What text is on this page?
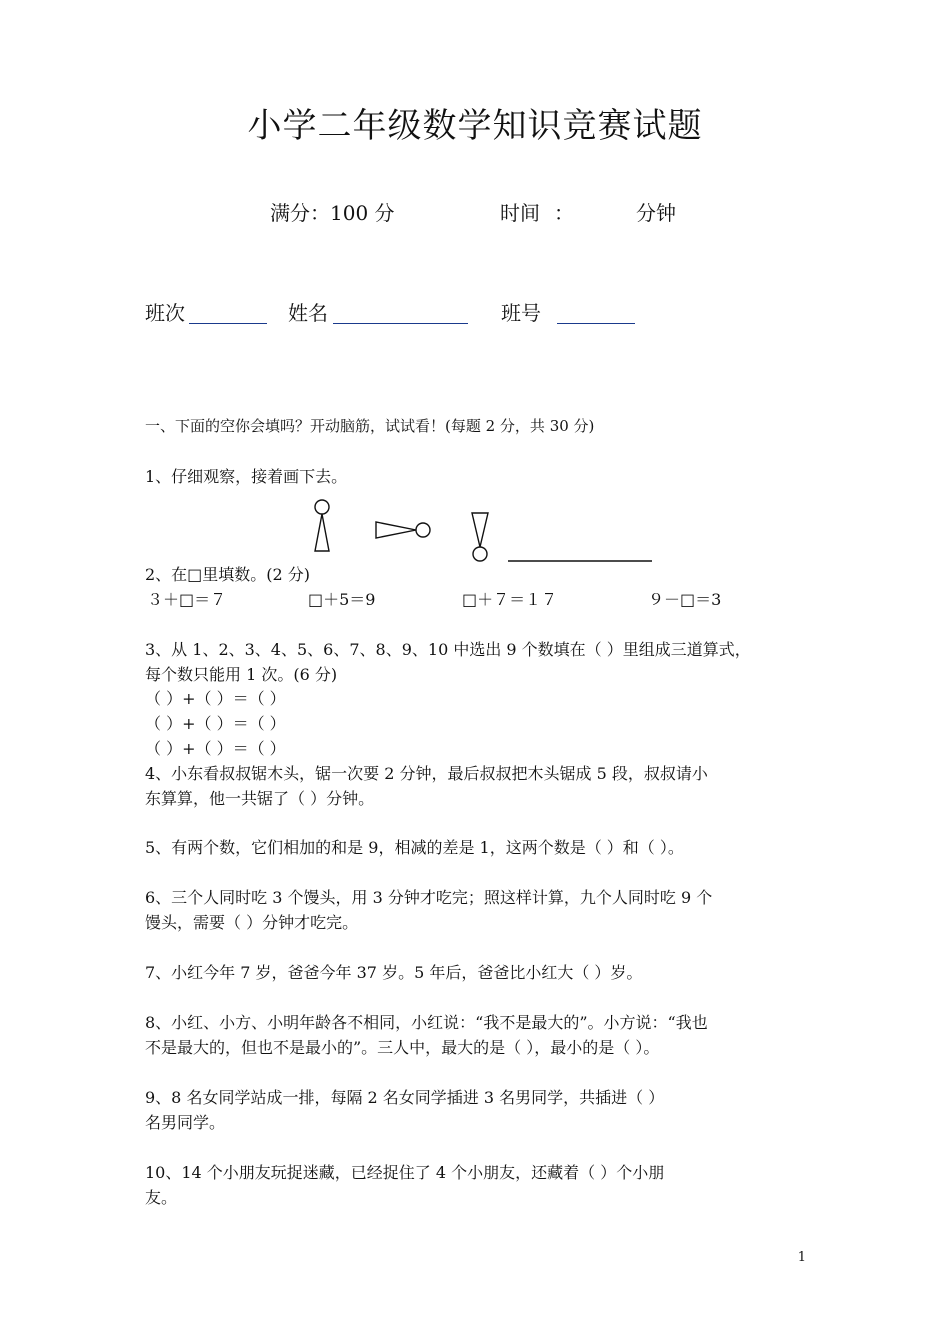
小学二年级数学知识竞赛试题
满分：100 分	时间 ：	分钟
班次	姓名	班号
一、下面的空你会填吗？开动脑筋，试试看！(每题 2 分，共 30 分)
1、仔细观察，接着画下去。
2、在□里填数。(2 分)
３＋□＝７	□＋5＝9	□＋７＝１７	９－□＝3
3、从 1、2、3、4、5、6、7、8、9、10 中选出 9 个数填在（ ）里组成三道算式，
每个数只能用 1 次。(6 分)
（ ）+（ ）＝（ ）
（ ）+（ ）＝（ ）
（ ）+（ ）＝（ ）
4、小东看叔叔锯木头，锯一次要 2 分钟，最后叔叔把木头锯成 5 段，叔叔请小
东算算，他一共锯了（ ）分钟。
5、有两个数，它们相加的和是 9，相减的差是 1，这两个数是（ ）和（ ）。
6、三个人同时吃 3 个馒头，用 3 分钟才吃完；照这样计算，九个人同时吃 9 个
馒头，需要（ ）分钟才吃完。
7、小红今年 7 岁，爸爸今年 37 岁。5 年后，爸爸比小红大（ ）岁。
8、小红、小方、小明年龄各不相同，小红说：“我不是最大的”。小方说：“我也
不是最大的，但也不是最小的”。三人中，最大的是（ ），最小的是（ ）。
9、8 名女同学站成一排，每隔 2 名女同学插进 3 名男同学，共插进（ ）
名男同学。
10、14 个小朋友玩捉迷藏，已经捉住了 4 个小朋友，还藏着（ ）个小朋
友。
1
